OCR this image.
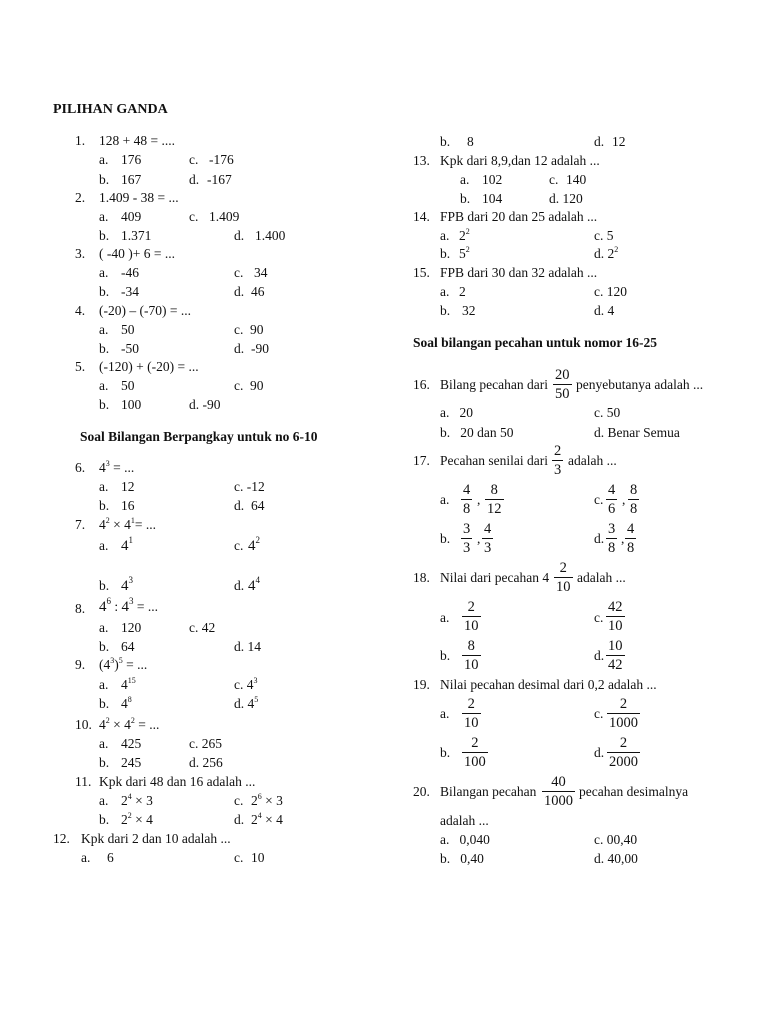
PILIHAN GANDA
1. 128 + 48 = ....
a. 176	c. -176
b. 167	d. -167
2. 1.409 - 38 = ...
a. 409	c. 1.409
b. 1.371	d. 1.400
3. ( -40 )+ 6 = ...
a. -46	c. 34
b. -34	d. 46
4. (-20) – (-70) = ...
a. 50	c. 90
b. -50	d. -90
5. (-120) + (-20) = ...
a. 50	c. 90
b. 100	d. -90
Soal Bilangan Berpangkay untuk no 6-10
6. $4^3$ = ...
a. 12	c. -12
b. 16	d. 64
7. $4^2 \times 4^1=$ ...
a. $4^1$	c. $4^2$
b. $4^3$	d. $4^4$
8. $4^6$ : $4^3$ = ...
a. 120	c. 42
b. 64	d. 14
9. $(4^3)^5$ = ...
a. $4^{15}$	c. $4^3$
b. $4^8$	d. $4^5$
10. $4^2 \times 4^2$ = ...
a. 425	c. 265
b. 245	d. 256
11. Kpk dari 48 dan 16 adalah ...
a. $2^4 \times 3$	c. $2^6 \times 3$
b. $2^2 \times 4$	d. $2^4 \times 4$
12. Kpk dari 2 dan 10 adalah ...
a. 6	c. 10
b. 8	d. 12
13. Kpk dari 8,9,dan 12 adalah ...
a. 102	c. 140
b. 104	d. 120
14. FPB dari 20 dan 25 adalah ...
a. $2^2$	c. 5
b. $5^2$	d. $2^2$
15. FPB dari 30 dan 32 adalah ...
a. 2	c. 120
b. 32	d. 4
Soal bilangan pecahan untuk nomor 16-25
16. Bilang pecahan dari $\frac{20}{50}$ penyebutanya adalah ...
a.   20	c. 50
b.   20 dan 50	d. Benar Semua
17. Pecahan senilai dari $\frac{2}{3}$ adalah ...
a. $\frac{4}{8}$ , $\frac{8}{12}$	c. $\frac{4}{6}$ , $\frac{8}{8}$
b. $\frac{3}{3}$ , $\frac{4}{3}$	d. $\frac{3}{8}$ , $\frac{4}{8}$
18. Nilai dari pecahan $4 \frac{2}{10}$ adalah ...
a. $\frac{2}{10}$	c. $\frac{42}{10}$
b. $\frac{8}{10}$	d. $\frac{10}{42}$
19. Nilai pecahan desimal dari 0,2 adalah ...
a. $\frac{2}{10}$	c. $\frac{2}{1000}$
b. $\frac{2}{100}$	d. $\frac{2}{2000}$
20. Bilangan pecahan $\frac{40}{1000}$ pecahan desimalnya
adalah ...
a.   0,040	c. 00,40
b.   0,40	d. 40,00
